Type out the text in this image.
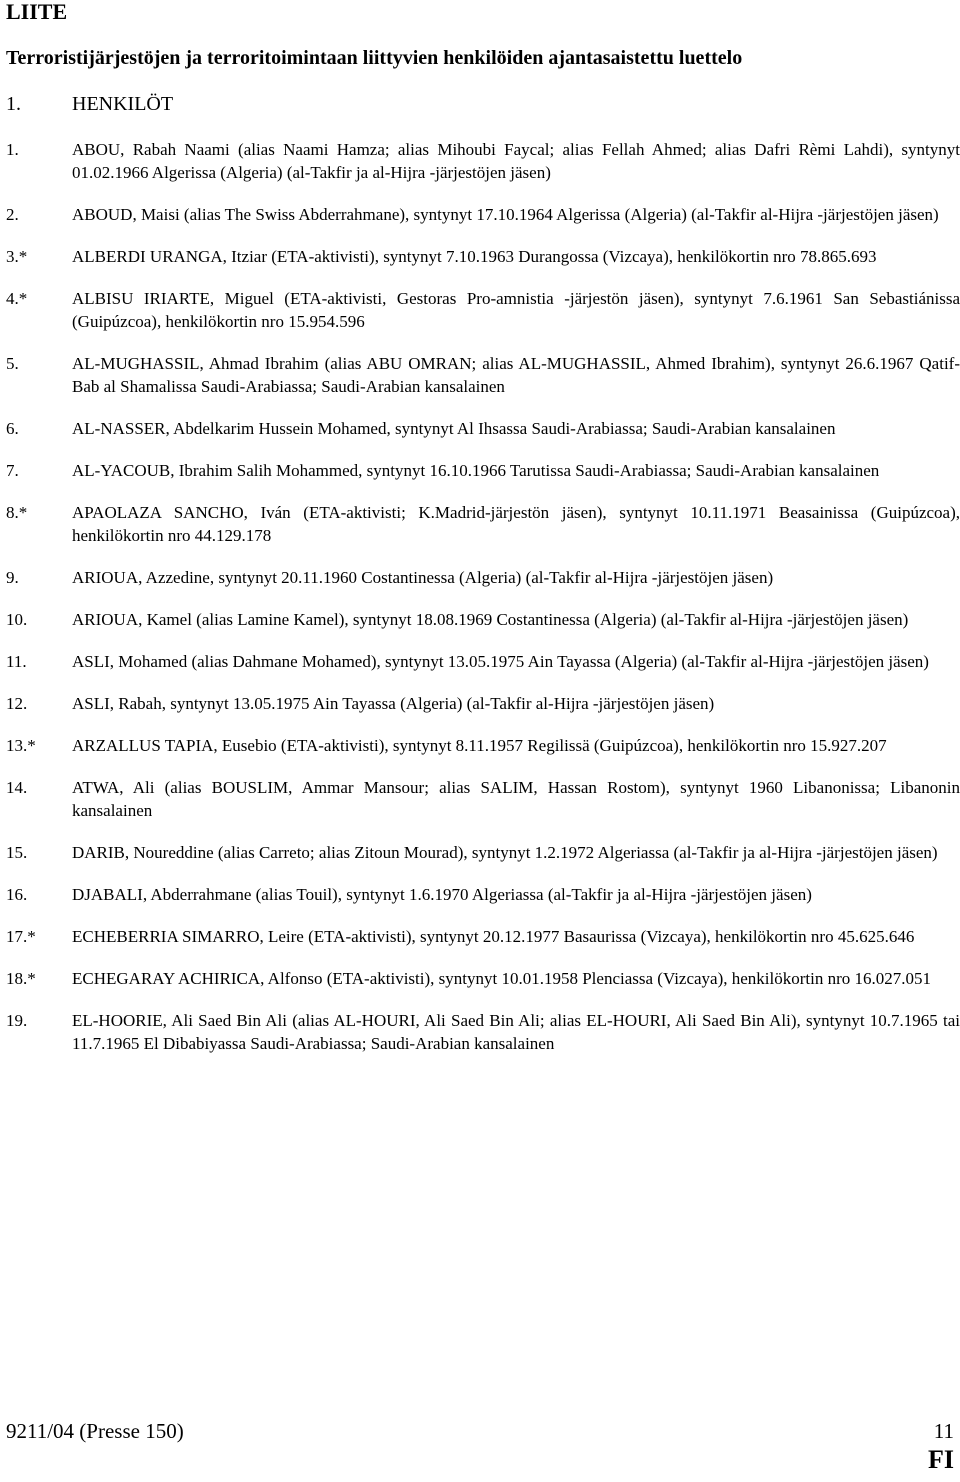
LIITE
Terroristijärjestöjen ja terroritoimintaan liittyvien henkilöiden ajantasaistettu luettelo
1.	HENKILÖT
1.	ABOU, Rabah Naami (alias Naami Hamza; alias Mihoubi Faycal; alias Fellah Ahmed; alias Dafri Rèmi Lahdi), syntynyt 01.02.1966 Algerissa (Algeria) (al-Takfir ja al-Hijra -järjestöjen jäsen)
2.	ABOUD, Maisi (alias The Swiss Abderrahmane), syntynyt 17.10.1964 Algerissa (Algeria) (al-Takfir al-Hijra -järjestöjen jäsen)
3.*	ALBERDI URANGA, Itziar (ETA-aktivisti), syntynyt 7.10.1963 Durangossa (Vizcaya), henkilökortin nro 78.865.693
4.*	ALBISU IRIARTE, Miguel (ETA-aktivisti, Gestoras Pro-amnistia -järjestön jäsen), syntynyt 7.6.1961 San Sebastiánissa (Guipúzcoa), henkilökortin nro 15.954.596
5.	AL-MUGHASSIL, Ahmad Ibrahim (alias ABU OMRAN; alias AL-MUGHASSIL, Ahmed Ibrahim), syntynyt 26.6.1967 Qatif-Bab al Shamalissa Saudi-Arabiassa; Saudi-Arabian kansalainen
6.	AL-NASSER, Abdelkarim Hussein Mohamed, syntynyt Al Ihsassa Saudi-Arabiassa; Saudi-Arabian kansalainen
7.	AL-YACOUB, Ibrahim Salih Mohammed, syntynyt 16.10.1966 Tarutissa Saudi-Arabiassa; Saudi-Arabian kansalainen
8.*	APAOLAZA SANCHO, Iván (ETA-aktivisti; K.Madrid-järjestön jäsen), syntynyt 10.11.1971 Beasainissa (Guipúzcoa), henkilökortin nro 44.129.178
9.	ARIOUA, Azzedine, syntynyt 20.11.1960 Costantinessa (Algeria) (al-Takfir al-Hijra -järjestöjen jäsen)
10.	ARIOUA, Kamel (alias Lamine Kamel), syntynyt 18.08.1969 Costantinessa (Algeria) (al-Takfir al-Hijra -järjestöjen jäsen)
11.	ASLI, Mohamed (alias Dahmane Mohamed), syntynyt 13.05.1975 Ain Tayassa (Algeria) (al-Takfir al-Hijra -järjestöjen jäsen)
12.	ASLI, Rabah, syntynyt 13.05.1975 Ain Tayassa (Algeria) (al-Takfir al-Hijra -järjestöjen jäsen)
13.*	ARZALLUS TAPIA, Eusebio (ETA-aktivisti), syntynyt 8.11.1957 Regilissä (Guipúzcoa), henkilökortin nro 15.927.207
14.	ATWA, Ali (alias BOUSLIM, Ammar Mansour; alias SALIM, Hassan Rostom), syntynyt 1960 Libanonissa; Libanonin kansalainen
15.	DARIB, Noureddine (alias Carreto; alias Zitoun Mourad), syntynyt 1.2.1972 Algeriassa (al-Takfir ja al-Hijra -järjestöjen jäsen)
16.	DJABALI, Abderrahmane (alias Touil), syntynyt 1.6.1970 Algeriassa (al-Takfir ja al-Hijra -järjestöjen jäsen)
17.*	ECHEBERRIA SIMARRO, Leire (ETA-aktivisti), syntynyt 20.12.1977 Basaurissa (Vizcaya), henkilökortin nro 45.625.646
18.*	ECHEGARAY ACHIRICA, Alfonso (ETA-aktivisti), syntynyt 10.01.1958 Plenciassa (Vizcaya), henkilökortin nro 16.027.051
19.	EL-HOORIE, Ali Saed Bin Ali (alias AL-HOURI, Ali Saed Bin Ali; alias EL-HOURI, Ali Saed Bin Ali), syntynyt 10.7.1965 tai 11.7.1965 El Dibabiyassa Saudi-Arabiassa; Saudi-Arabian kansalainen
9211/04 (Presse 150)	11
FI
